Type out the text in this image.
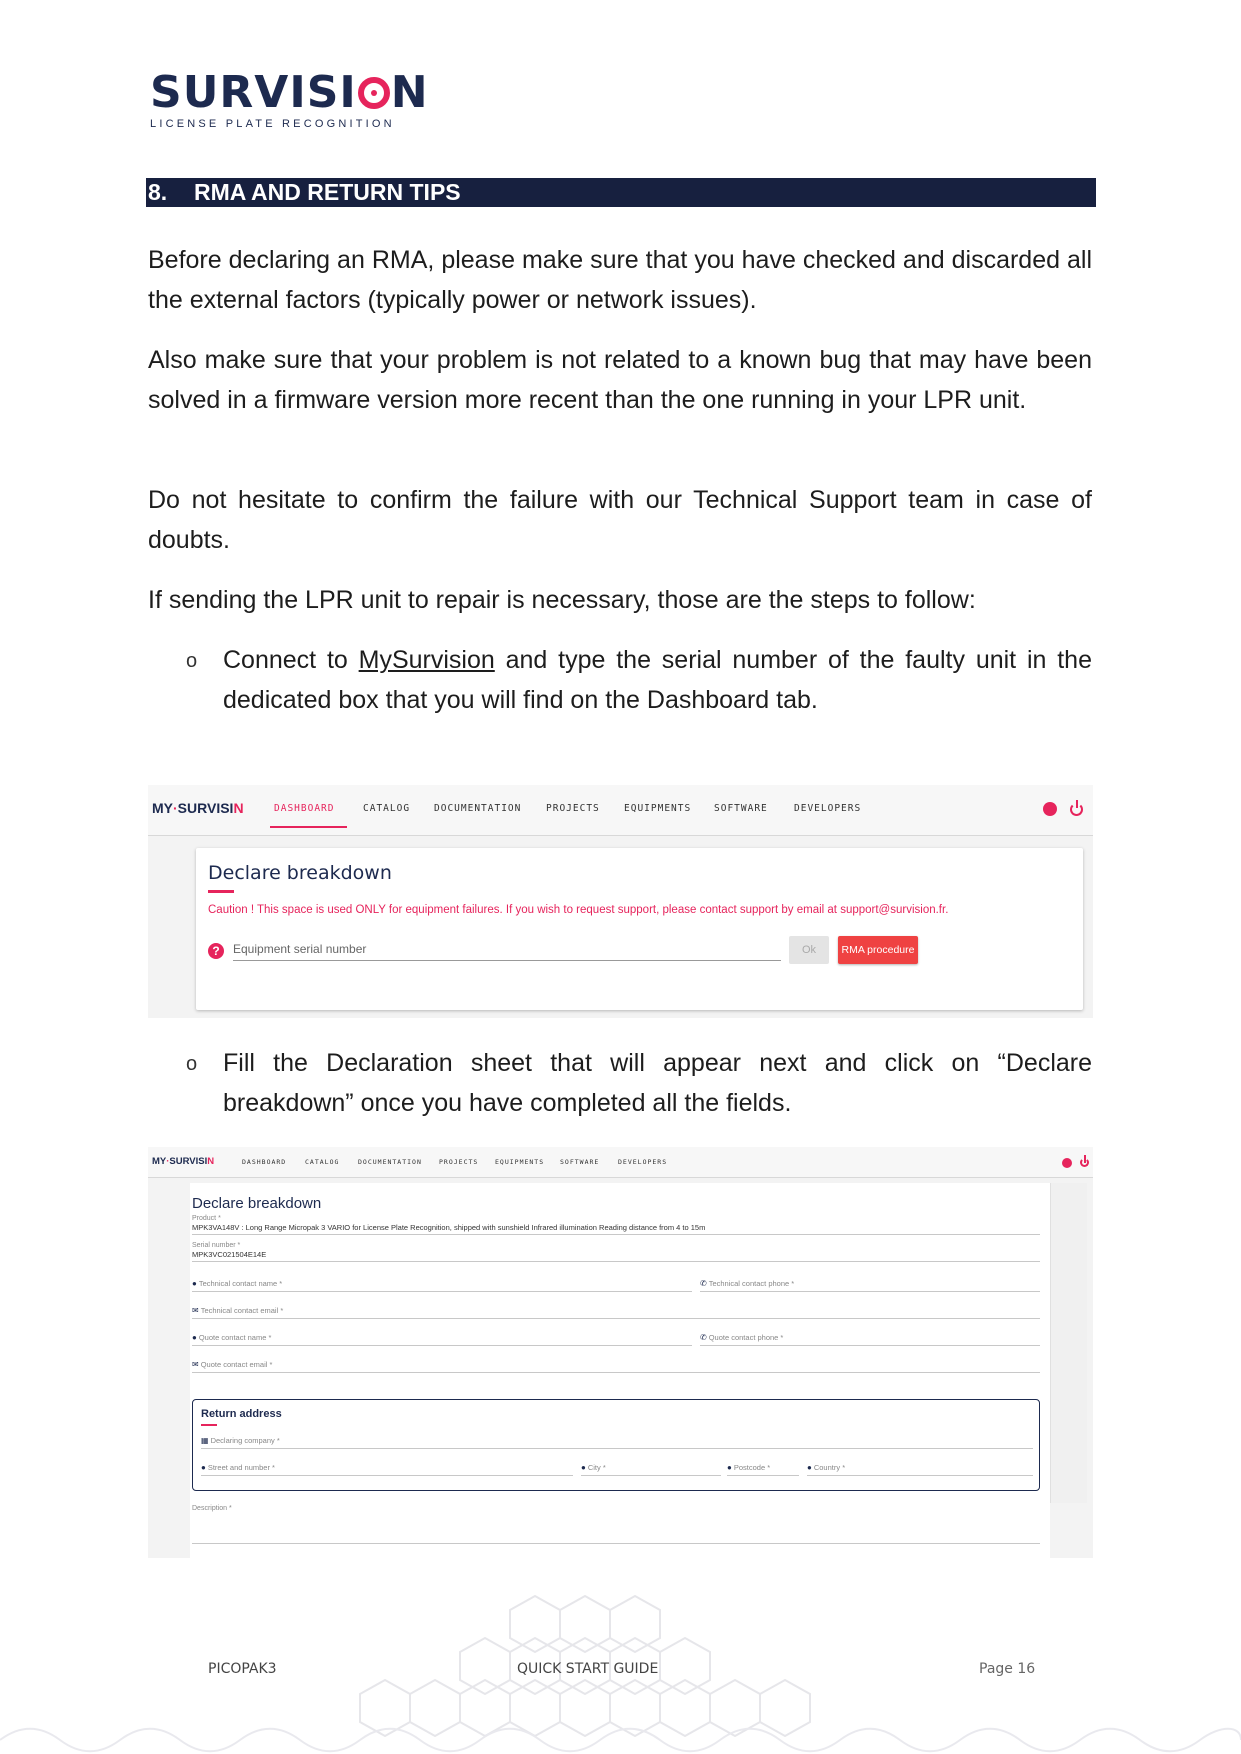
SURVISI N
LICENSE PLATE RECOGNITION
8. RMA AND RETURN TIPS
Before declaring an RMA, please make sure that you have checked and discarded all the external factors (typically power or network issues).
Also make sure that your problem is not related to a known bug that may have been solved in a firmware version more recent than the one running in your LPR unit.
Do not hesitate to confirm the failure with our Technical Support team in case of doubts.
If sending the LPR unit to repair is necessary, those are the steps to follow:
o Connect to MySurvision and type the serial number of the faulty unit in the dedicated box that you will find on the Dashboard tab.
MY·SURVISIN	DASHBOARD	CATALOG	DOCUMENTATION	PROJECTS	EQUIPMENTS SOFTWARE	DEVELOPERS
Declare breakdown
Caution ! This space is used ONLY for equipment failures. If you wish to request support, please contact support by email at support@survision.fr.
?	Equipment serial number	Ok	RMA procedure
o Fill the Declaration sheet that will appear next and click on “Declare breakdown” once you have completed all the fields.
MY·SURVISIN	DASHBOARD	CATALOG	DOCUMENTATION	PROJECTS	EQUIPMENTS SOFTWARE	DEVELOPERS
Declare breakdown
Product *
MPK3VA148V : Long Range Micropak 3 VARIO for License Plate Recognition, shipped with sunshield Infrared illumination Reading distance from 4 to 15m
Serial number *
MPK3VC021504E14E
● Technical contact name *	✆ Technical contact phone *
✉ Technical contact email *
● Quote contact name *	✆ Quote contact phone *
✉ Quote contact email *
Return address
▦ Declaring company *
● Street and number *	● City *	● Postcode *	● Country *
Description *
PICOPAK3	QUICK START GUIDE	Page 16
